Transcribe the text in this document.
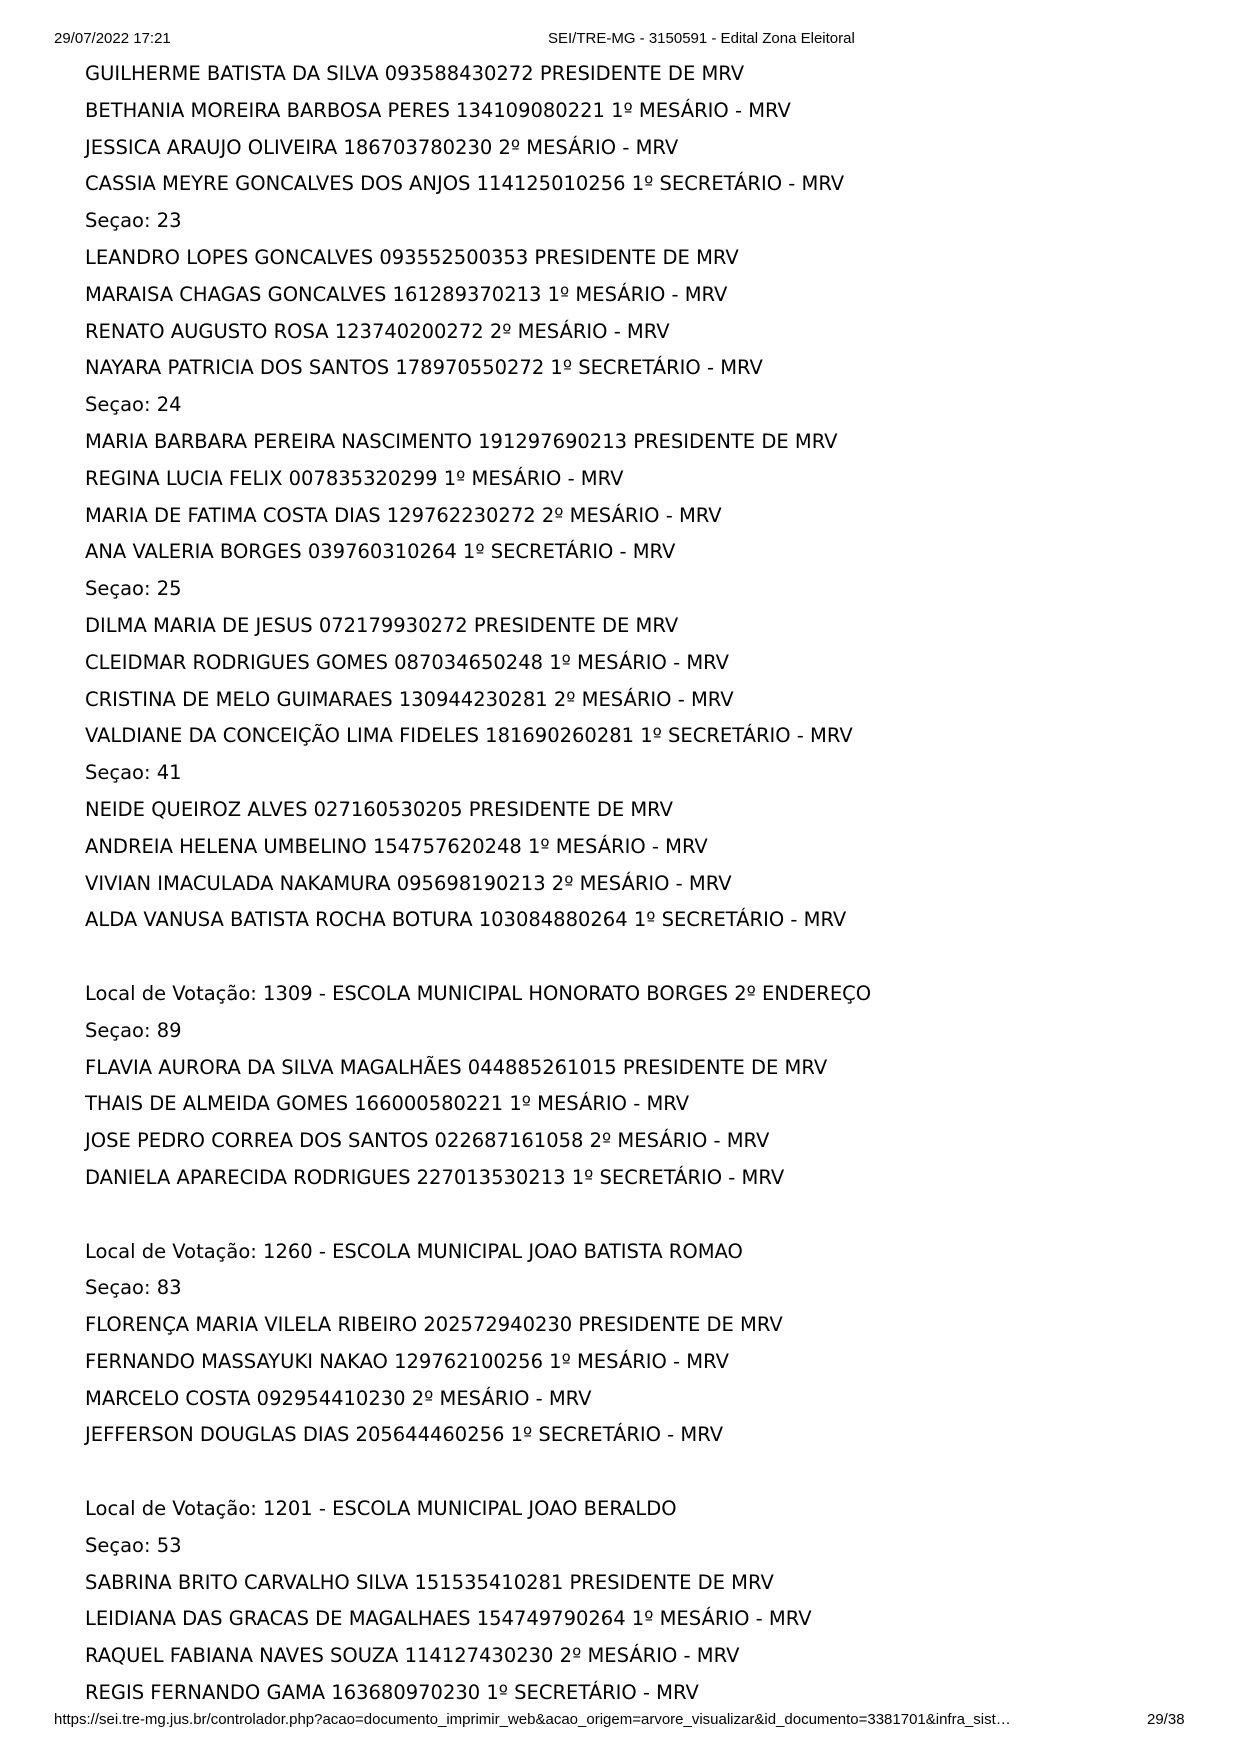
29/07/2022 17:21	SEI/TRE-MG - 3150591 - Edital Zona Eleitoral
GUILHERME BATISTA DA SILVA 093588430272 PRESIDENTE DE MRV
BETHANIA MOREIRA BARBOSA PERES 134109080221 1º MESÁRIO - MRV
JESSICA ARAUJO OLIVEIRA 186703780230 2º MESÁRIO - MRV
CASSIA MEYRE GONCALVES DOS ANJOS 114125010256 1º SECRETÁRIO - MRV
Seçao: 23
LEANDRO LOPES GONCALVES 093552500353 PRESIDENTE DE MRV
MARAISA CHAGAS GONCALVES 161289370213 1º MESÁRIO - MRV
RENATO AUGUSTO ROSA 123740200272 2º MESÁRIO - MRV
NAYARA PATRICIA DOS SANTOS 178970550272 1º SECRETÁRIO - MRV
Seçao: 24
MARIA BARBARA PEREIRA NASCIMENTO 191297690213 PRESIDENTE DE MRV
REGINA LUCIA FELIX 007835320299 1º MESÁRIO - MRV
MARIA DE FATIMA COSTA DIAS 129762230272 2º MESÁRIO - MRV
ANA VALERIA BORGES 039760310264 1º SECRETÁRIO - MRV
Seçao: 25
DILMA MARIA DE JESUS 072179930272 PRESIDENTE DE MRV
CLEIDMAR RODRIGUES GOMES 087034650248 1º MESÁRIO - MRV
CRISTINA DE MELO GUIMARAES 130944230281 2º MESÁRIO - MRV
VALDIANE DA CONCEIÇÃO LIMA FIDELES 181690260281 1º SECRETÁRIO - MRV
Seçao: 41
NEIDE QUEIROZ ALVES 027160530205 PRESIDENTE DE MRV
ANDREIA HELENA UMBELINO 154757620248 1º MESÁRIO - MRV
VIVIAN IMACULADA NAKAMURA 095698190213 2º MESÁRIO - MRV
ALDA VANUSA BATISTA ROCHA BOTURA 103084880264 1º SECRETÁRIO - MRV
Local de Votação: 1309 - ESCOLA MUNICIPAL HONORATO BORGES 2º ENDEREÇO
Seçao: 89
FLAVIA AURORA DA SILVA MAGALHÃES 044885261015 PRESIDENTE DE MRV
THAIS DE ALMEIDA GOMES 166000580221 1º MESÁRIO - MRV
JOSE PEDRO CORREA DOS SANTOS 022687161058 2º MESÁRIO - MRV
DANIELA APARECIDA RODRIGUES 227013530213 1º SECRETÁRIO - MRV
Local de Votação: 1260 - ESCOLA MUNICIPAL JOAO BATISTA ROMAO
Seçao: 83
FLORENÇA MARIA VILELA RIBEIRO 202572940230 PRESIDENTE DE MRV
FERNANDO MASSAYUKI NAKAO 129762100256 1º MESÁRIO - MRV
MARCELO COSTA 092954410230 2º MESÁRIO - MRV
JEFFERSON DOUGLAS DIAS 205644460256 1º SECRETÁRIO - MRV
Local de Votação: 1201 - ESCOLA MUNICIPAL JOAO BERALDO
Seçao: 53
SABRINA BRITO CARVALHO SILVA 151535410281 PRESIDENTE DE MRV
LEIDIANA DAS GRACAS DE MAGALHAES 154749790264 1º MESÁRIO - MRV
RAQUEL FABIANA NAVES SOUZA 114127430230 2º MESÁRIO - MRV
REGIS FERNANDO GAMA 163680970230 1º SECRETÁRIO - MRV
https://sei.tre-mg.jus.br/controlador.php?acao=documento_imprimir_web&acao_origem=arvore_visualizar&id_documento=3381701&infra_sist…	29/38
